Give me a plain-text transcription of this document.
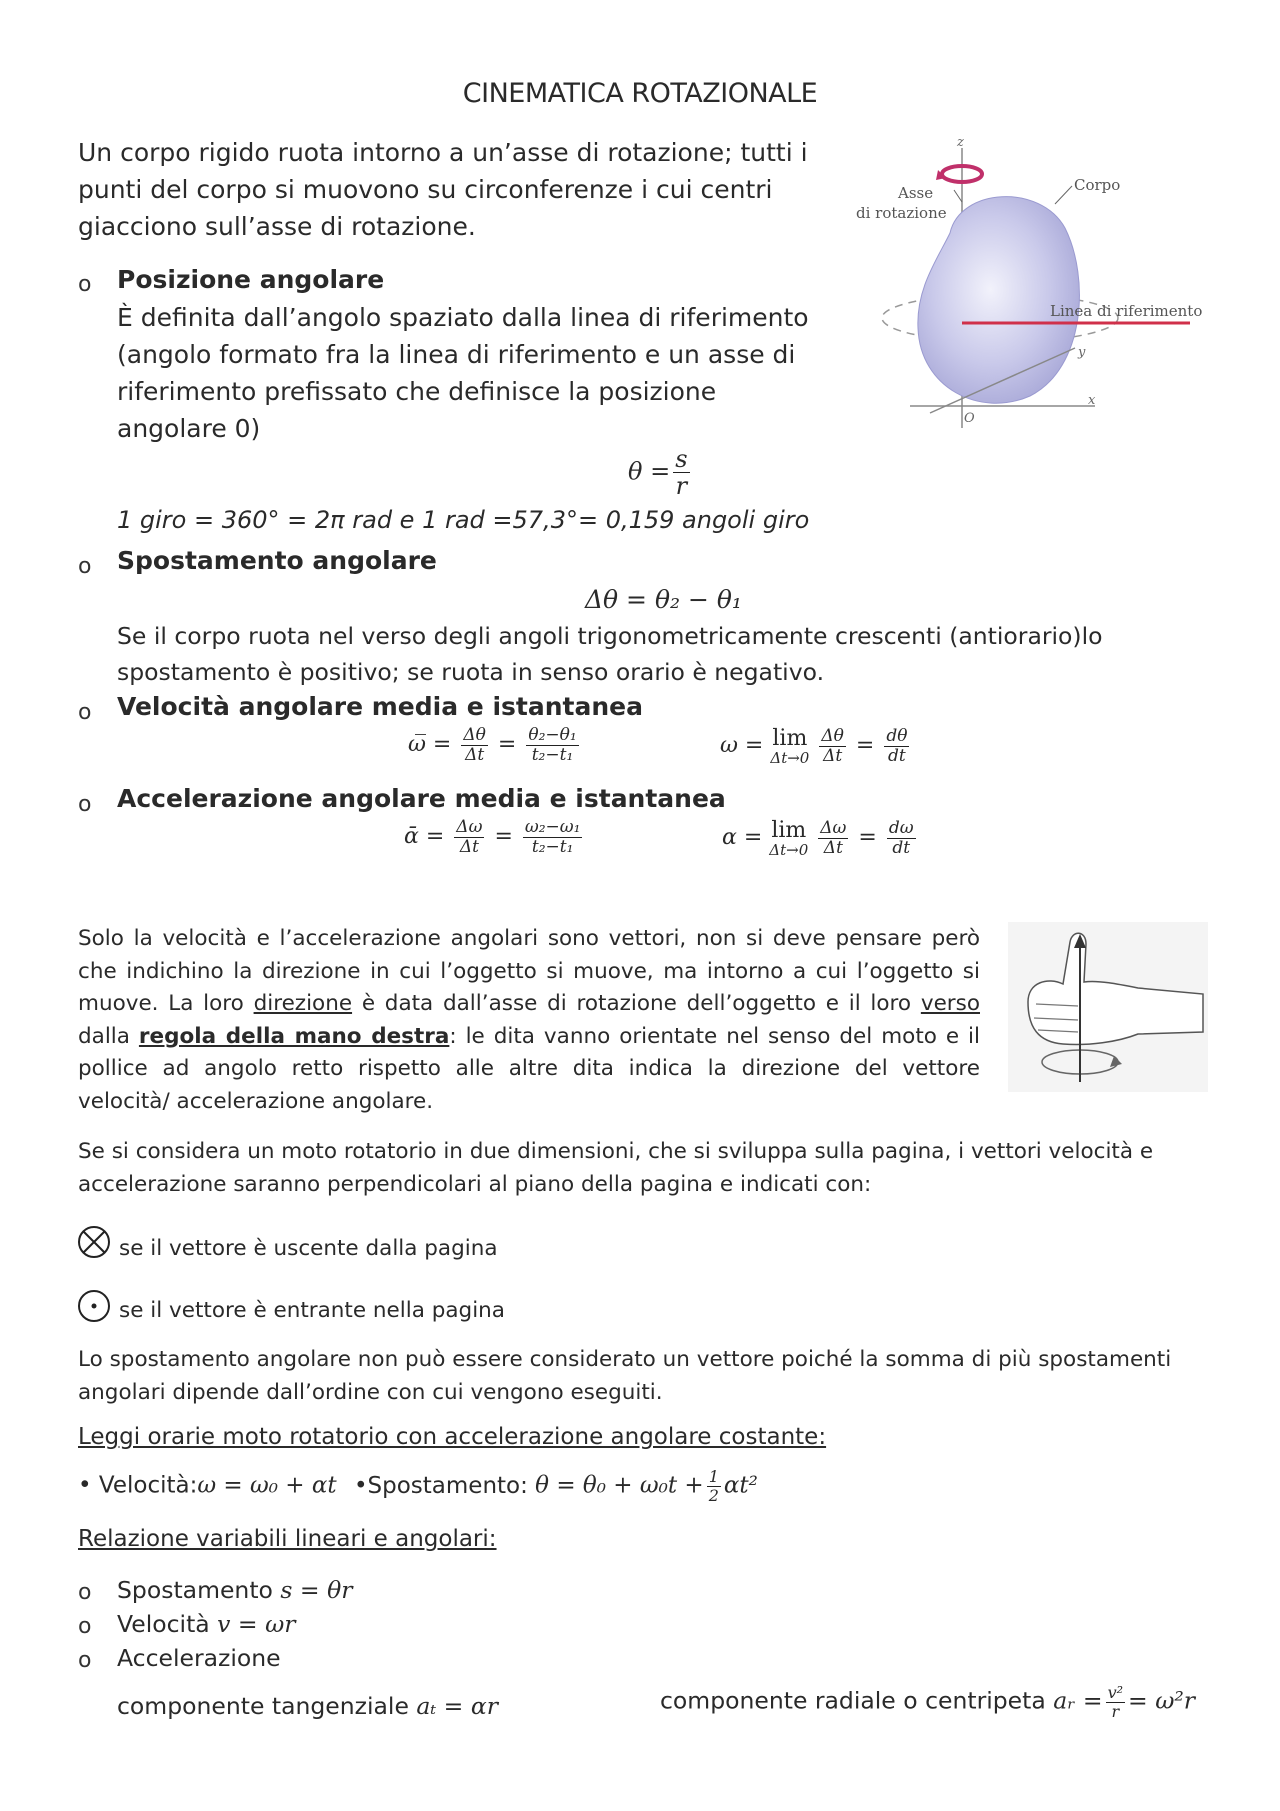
CINEMATICA ROTAZIONALE
Un corpo rigido ruota intorno a un’asse di rotazione; tutti i punti del corpo si muovono su circonferenze i cui centri giacciono sull’asse di rotazione.
z
Asse
di rotazione
Corpo
Linea di riferimento
y
x
O
o Posizione angolare
È definita dall’angolo spaziato dalla linea di riferimento
(angolo formato fra la linea di riferimento e un asse di
riferimento prefissato che definisce la posizione
angolare 0)
$\theta = \frac{s}{r}$
1 giro = 360° = 2π rad e 1 rad =57,3°= 0,159 angoli giro
o Spostamento angolare
Δθ = θ₂ − θ₁
Se il corpo ruota nel verso degli angoli trigonometricamente crescenti (antiorario)lo
spostamento è positivo; se ruota in senso orario è negativo.
o Velocità angolare media e istantanea
ω̅ = $\frac{\Delta\theta}{\Delta t} = \frac{\text{θ₂−θ₁}}{\text{t₂−t₁}}$	ω = lim
Δt→0
$\frac{\Delta\theta}{\Delta t} = \frac{d\theta}{dt}$
o Accelerazione angolare media e istantanea
ᾱ = $\frac{\Delta\omega}{\Delta t} = \frac{\text{ω₂−ω₁}}{\text{t₂−t₁}}$	α = lim
Δt→0
$\frac{\Delta\omega}{\Delta t} = \frac{d\omega}{dt}$
Solo la velocità e l’accelerazione angolari sono vettori, non si deve pensare però che indichino la direzione in cui l’oggetto si muove, ma intorno a cui l’oggetto si muove. La loro direzione è data dall’asse di rotazione dell’oggetto e il loro verso dalla regola della mano destra: le dita vanno orientate nel senso del moto e il pollice ad angolo retto rispetto alle altre dita indica la direzione del vettore velocità/ accelerazione angolare.
Se si considera un moto rotatorio in due dimensioni, che si sviluppa sulla pagina, i vettori velocità e accelerazione saranno perpendicolari al piano della pagina e indicati con:
se il vettore è uscente dalla pagina
se il vettore è entrante nella pagina
Lo spostamento angolare non può essere considerato un vettore poiché la somma di più spostamenti angolari dipende dall’ordine con cui vengono eseguiti.
Leggi orarie moto rotatorio con accelerazione angolare costante:
• Velocità:ω = ω₀ + αt •Spostamento: $\theta = \theta_0 + \omega_0t + \frac{1}{2} \alpha t^2$
Relazione variabili lineari e angolari:
o Spostamento s = θr
o Velocità v = ωr
o Accelerazione
componente tangenziale aₜ = αr	componente radiale o centripeta aᵣ = $\frac{\text{v²}}{r} = \omega^2r$
